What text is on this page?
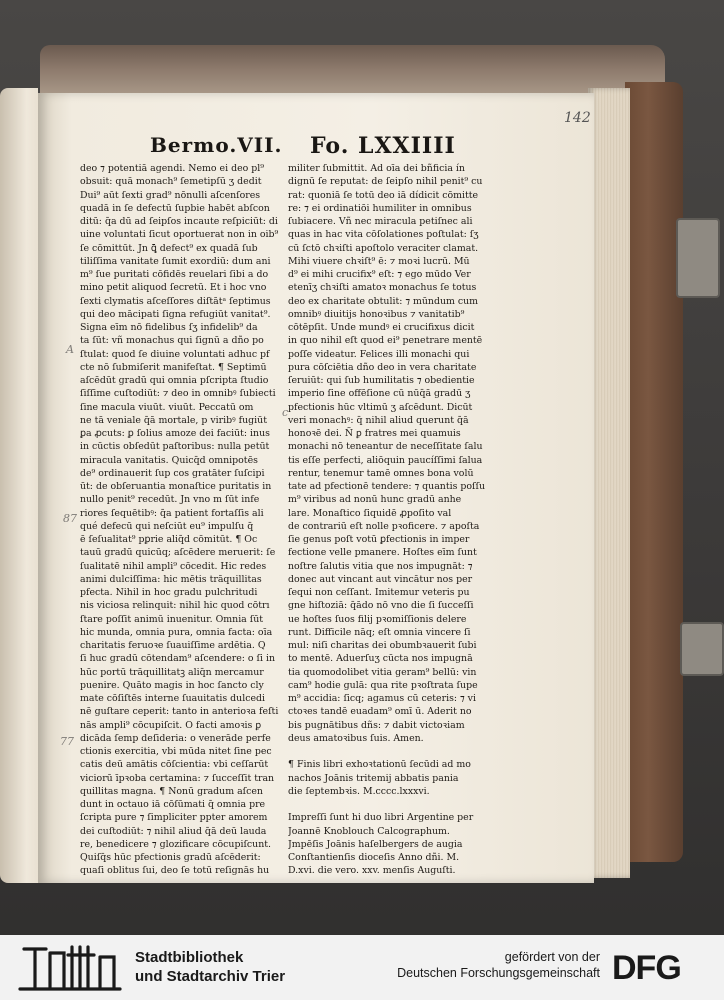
142
Bermo.VII. Fo. LXXIIII
deo ⁊ potentiā agendi. Nemo ei deo pl⁹
obsuit: quā monach⁹ ſemetipſū ʒ dedit
Dui⁹ aūt ſexti grad⁹ nōnulli aſcenſores
quadā in ſe defectū ſupbie habēt abſcon
ditū: q̄a dū ad ſeipſos incaute reſpiciūt: di
uine voluntati ſicut oportuerat non in oib⁹
ſe cōmittūt. Jn ꝗ̄ defect⁹ ex quadā ſub
tiliſſima vanitate ſumit exordiū: dum ani
m⁹ ſue puritati cōfidēs reuelari ſibi a do
mino petit aliquod ſecretū. Et i hoc vno
ſexti clymatis aſceſſores diſtātᵃ ſeptimus
qui deo mācipati ſigna refugiūt vanitat⁹.
Signa eīm nō fidelibus ſʒ infidelib⁹ da
ta ſūt: vñ monachus qui ſignū a dño po
ſtulat: quod ſe diuine voluntati adhuc pf
cte nō ſubmiſerit manifeſtat. ¶ Septimū
aſcēdūt gradū qui omnia pſcripta ſtudio
ſiſſime cuſtodiūt: ⁊ deo in omnibꝰ ſubiecti
ſine macula viuūt. viuūt. Peccatū om
ne tā veniale q̄ā mortale, p viribꝰ fugiūt
ꝑa ꝓcuts: ꝑ ſolius amoze dei faciūt: inus
in cūctis obſedūt paſtoribus: nulla petūt
miracula vanitatis. Quicq̄d omnipotēs
de⁹ ordinauerit ſup cos gratāter ſuſcipi
ūt: de obſeruantia monaſtice puritatis in
nullo penit⁹ recedūt. Jn vno m ſūt infe
riores ſequētibꝰ: q̄a patient fortaſſis ali
qué defecū qui neſciūt eu⁹ impulſu q̄
ē ſeſualitat⁹ pꝑrie aliq̄d cōmitūt. ¶ Oc
tauū gradū quicūq; aſcēdere meruerit: ſe
ſualitatē nihil ampli⁹ cōcedit. Hic redes
animi dulciſſima: hic mētis trāquillitas
pfecta. Nihil in hoc gradu pulchritudi
nis viciosa relinquit: nihil hic quod cōtrı
ſtare poſſit animū inuenitur. Omnia ſūt
hic munda, omnia pura, omnia facta: oīa
charitatis feruoꝛe ſuauiſſime ardētia. Q
ſi huc gradū cōtendam⁹ aſcendere: o ſi in
hūc portū trāquillitatꝫ aliq̄n mercamur
puenire. Quāto magis in hoc ſancto cly
mate cōſiſtēs interne ſuauitatis dulcedi
nē guſtare ceperit: tanto in anterioꝛa feſti
nās ampli⁹ cōcupiſcit. O facti amoꝛis ꝑ
dicāda ſemp deſideria: o venerāde perfe
ctionis exercitia, vbi mūda nitet ſine pec
catis deū amātis cōſcientia: vbi ceſſarūt
viciorū īpꝛoba certamina: ⁊ ſucceſſit tran
quillitas magna. ¶ Nonū gradum aſcen
dunt in octauo iā cōſūmati q̄ omnia pre
ſcripta pure ⁊ ſimpliciter ppter amorem
dei cuſtodiūt: ⁊ nihil aliud q̄ā deū lauda
re, benedicere ⁊ glozificare cōcupiſcunt.
Quiſq̄s hūc pfectionis gradū aſcēderit:
quaſi oblitus ſui, deo ſe totū reſignās hu
militer ſubmittit. Ad oīa dei bñficia ín
dignū ſe reputat: de ſeipſo nihil penit⁹ cu
rat: quoniā ſe totū deo iā dídicit cōmitte
re: ⁊ ei ordinatiōi humiliter in omnibus
ſubiacere. Vñ nec miracula petiſnec ali
quas in hac vita cōſolationes poſtulat: ſʒ
cū ſctō chꝛiſti apoſtolo veraciter clamat.
Mihi viuere chꝛiſt⁹ ē: ⁊ moꝛi lucrū. Mū
d⁹ ei mihi crucifix⁹ eſt: ⁊ ego mūdo Ver
etenīʒ chꝛiſti amatoꝛ monachus ſe totus
deo ex charitate obtulit: ⁊ mūndum cum
omnibꝰ diuitijs honoꝛibus ⁊ vanitatib⁹
cōtēpſit. Unde mundꝰ ei crucifixus dicit
in quo nihil eſt quod ei⁹ penetrare mentē
poſſe videatur. Felices illi monachi qui
pura cōſciētia dño deo in vera charitate
ſeruiūt: qui ſub humilitatis ⁊ obedientie
imperio ſine offēſione cū nūq̄ā gradū ʒ
pfectionis hūc vltimū ʒ aſcēdunt. Dicūt
veri monachꝰ: q̄ nihil aliud querunt q̄ā
honoꝛē dei. Ñ ꝑ fratres mei quamuis
monachi nō teneantur de neceſſitate ſalu
tis eſſe perfecti, aliōquin paucíſſimi ſalua
rentur, tenemur tamē omnes bona volū
tate ad pfectionē tendere: ⁊ quantis poſſu
m⁹ viribus ad nonū hunc gradū anhe
lare. Monaſtico ſiquidē ꝓpoſito val
de contrariū eſt nolle pꝛoficere. ⁊ apoſta
ſie genus poſt votū ꝑfectionis in imper
fectione velle pmanere. Hoſtes eīm ſunt
noſtre ſalutis vitia que nos impugnāt: ⁊
donec aut vincant aut vincātur nos per
ſequi non ceſſant. Imitemur veteris pu
gne hiſtoziā: q̄ādo nō vno die ſi ſucceſſi
ue hoſtes ſuos filij pꝛomiſſionis delere
runt. Difficile nāq; eſt omnia vincere ſi
mul: niſi charitas dei obumbꝛauerit ſubi
to mentē. Aduerſuʒ cūcta nos impugnā
tia quomodolibet vitia geram⁹ bellū: vin
cam⁹ hodie gulā: qua rite pꝛoſtrata ſupe
m⁹ accidia: ſicq; agamus cū ceteris: ⁊ vi
ctoꝛes tandē euadam⁹ omī ū. Aderit no
bis pugnātibus dñs: ⁊ dabit victoꝛiam
deus amatoꝛibus ſuis. Amen.
¶ Finis libri exhoꝛtationū ſecūdi ad mo
nachos Joānis tritemij abbatis pania
die ſeptembꝛis. M.cccc.lxxxvi.
Impreſſi ſunt hi duo libri Argentine per
Joannē Knoblouch Calcographum.
Jmpēſis Joānis haſelbergers de augia
Conſtantienſis dioceſis Anno dñi. M.
D.xvi. die vero. xxv. menſis Auguſti.
A
c
87
77
Stadtbibliothek
und Stadtarchiv Trier
gefördert von der
Deutschen Forschungsgemeinschaft DFG
